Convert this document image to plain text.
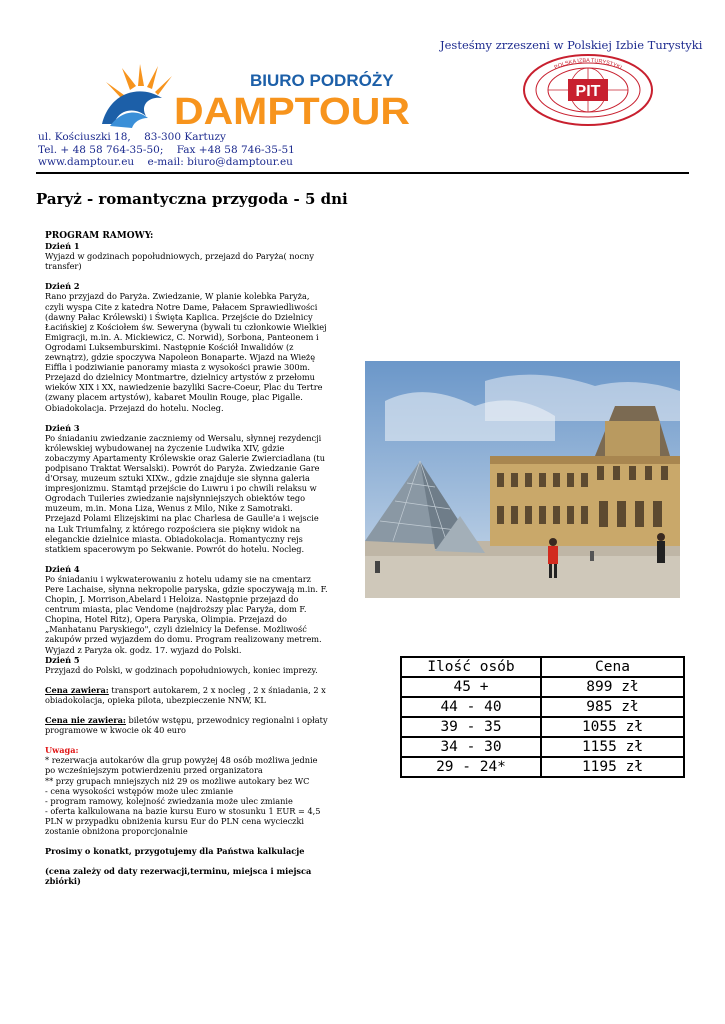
Jesteśmy zrzeszeni w Polskiej Izbie Turystyki
BIURO PODRÓŻY
DAMPTOUR	PIT
POLSKA IZBA TURYSTYKI
ul. Kościuszki 18,    83-300 Kartuzy
Tel. + 48 58 764-35-50;    Fax +48 58 746-35-51
www.damptour.eu    e-mail: biuro@damptour.eu
Paryż - romantyczna przygoda - 5 dni

PROGRAM RAMOWY:

Dzień 1

Wyjazd w godzinach popołudniowych, przejazd do Paryża( nocny transfer)

Dzień 2

Rano przyjazd do Paryża. Zwiedzanie, W planie kolebka Paryża, czyli wyspa Cite z katedra Notre Dame, Pałacem Sprawiedliwości (dawny Pałac Królewski) i Święta Kaplica. Przejście do Dzielnicy Łacińskiej z Kościołem św. Seweryna (bywali tu członkowie Wielkiej Emigracji, m.in. A. Mickiewicz, C. Norwid), Sorbona, Panteonem i Ogrodami Luksemburskimi. Następnie Kościół Inwalidów (z zewnątrz), gdzie spoczywa Napoleon Bonaparte. Wjazd na Wieżę Eiffla i podziwianie panoramy miasta z wysokości prawie 300m. Przejazd do dzielnicy Montmartre, dzielnicy artystów z przełomu wieków XIX i XX, nawiedzenie bazyliki Sacre-Coeur, Plac du Tertre (zwany placem artystów), kabaret Moulin Rouge, plac Pigalle. Obiadokolacja. Przejazd do hotelu. Nocleg.

Dzień 3

Po śniadaniu zwiedzanie zaczniemy od Wersalu, słynnej rezydencji królewskiej wybudowanej na życzenie Ludwika XIV, gdzie zobaczymy Apartamenty Królewskie oraz Galerie Zwierciadlana (tu podpisano Traktat Wersalski). Powrót do Paryża. Zwiedzanie Gare d'Orsay, muzeum sztuki XIXw., gdzie znajduje sie słynna galeria impresjonizmu. Stamtąd przejście do Luwru i po chwili relaksu w Ogrodach Tuileries zwiedzanie najsłynniejszych obiektów tego muzeum, m.in. Mona Liza, Wenus z Milo, Nike z Samotraki. Przejazd Polami Elizejskimi na plac Charlesa de Gaulle'a i wejscie na Luk Triumfalny, z którego rozpościera sie piękny widok na eleganckie dzielnice miasta. Obiadokolacja. Romantyczny rejs statkiem spacerowym po Sekwanie. Powrót do hotelu. Nocleg.

Dzień 4

Po śniadaniu i wykwaterowaniu z hotelu udamy sie na cmentarz Pere Lachaise, słynna nekropolie paryska, gdzie spoczywają m.in. F. Chopin, J. Morrison,Abelard i Heloiza. Następnie przejazd do centrum miasta, plac Vendome (najdroższy plac Paryża, dom F. Chopina, Hotel Ritz), Opera Paryska, Olimpia. Przejazd do „Manhatanu Paryskiego", czyli dzielnicy la Defense. Możliwość zakupów przed wyjazdem do domu. Program realizowany metrem. Wyjazd z Paryża ok. godz. 17. wyjazd do Polski.

Dzień 5

Przyjazd do Polski, w godzinach popołudniowych, koniec imprezy.

Cena zawiera: transport autokarem, 2 x nocleg , 2 x śniadania, 2 x obiadokolacja, opieka pilota, ubezpieczenie NNW, KL

Cena nie zawiera: biletów wstępu, przewodnicy regionalni i opłaty programowe w kwocie ok 40 euro

Uwaga:

* rezerwacja autokarów dla grup powyżej 48 osób możliwa jednie po wcześniejszym potwierdzeniu przed organizatora

** przy grupach mniejszych niż 29 os możliwe autokary bez WC

- cena wysokości wstępów może ulec zmianie

- program ramowy, kolejność zwiedzania może ulec zmianie

- oferta kalkulowana na bazie kursu Euro w stosunku 1 EUR = 4,5 PLN w przypadku obniżenia kursu Eur do PLN cena wycieczki zostanie obniżona proporcjonalnie

Prosimy o konatkt, przygotujemy dla Państwa kalkulacje

(cena zależy od daty rezerwacji,terminu, miejsca i miejsca zbiórki)

Ilość osób	Cena
45 +	899 zł
44 - 40	985 zł
39 - 35	1055 zł
34 - 30	1155 zł
29 - 24*	1195 zł
